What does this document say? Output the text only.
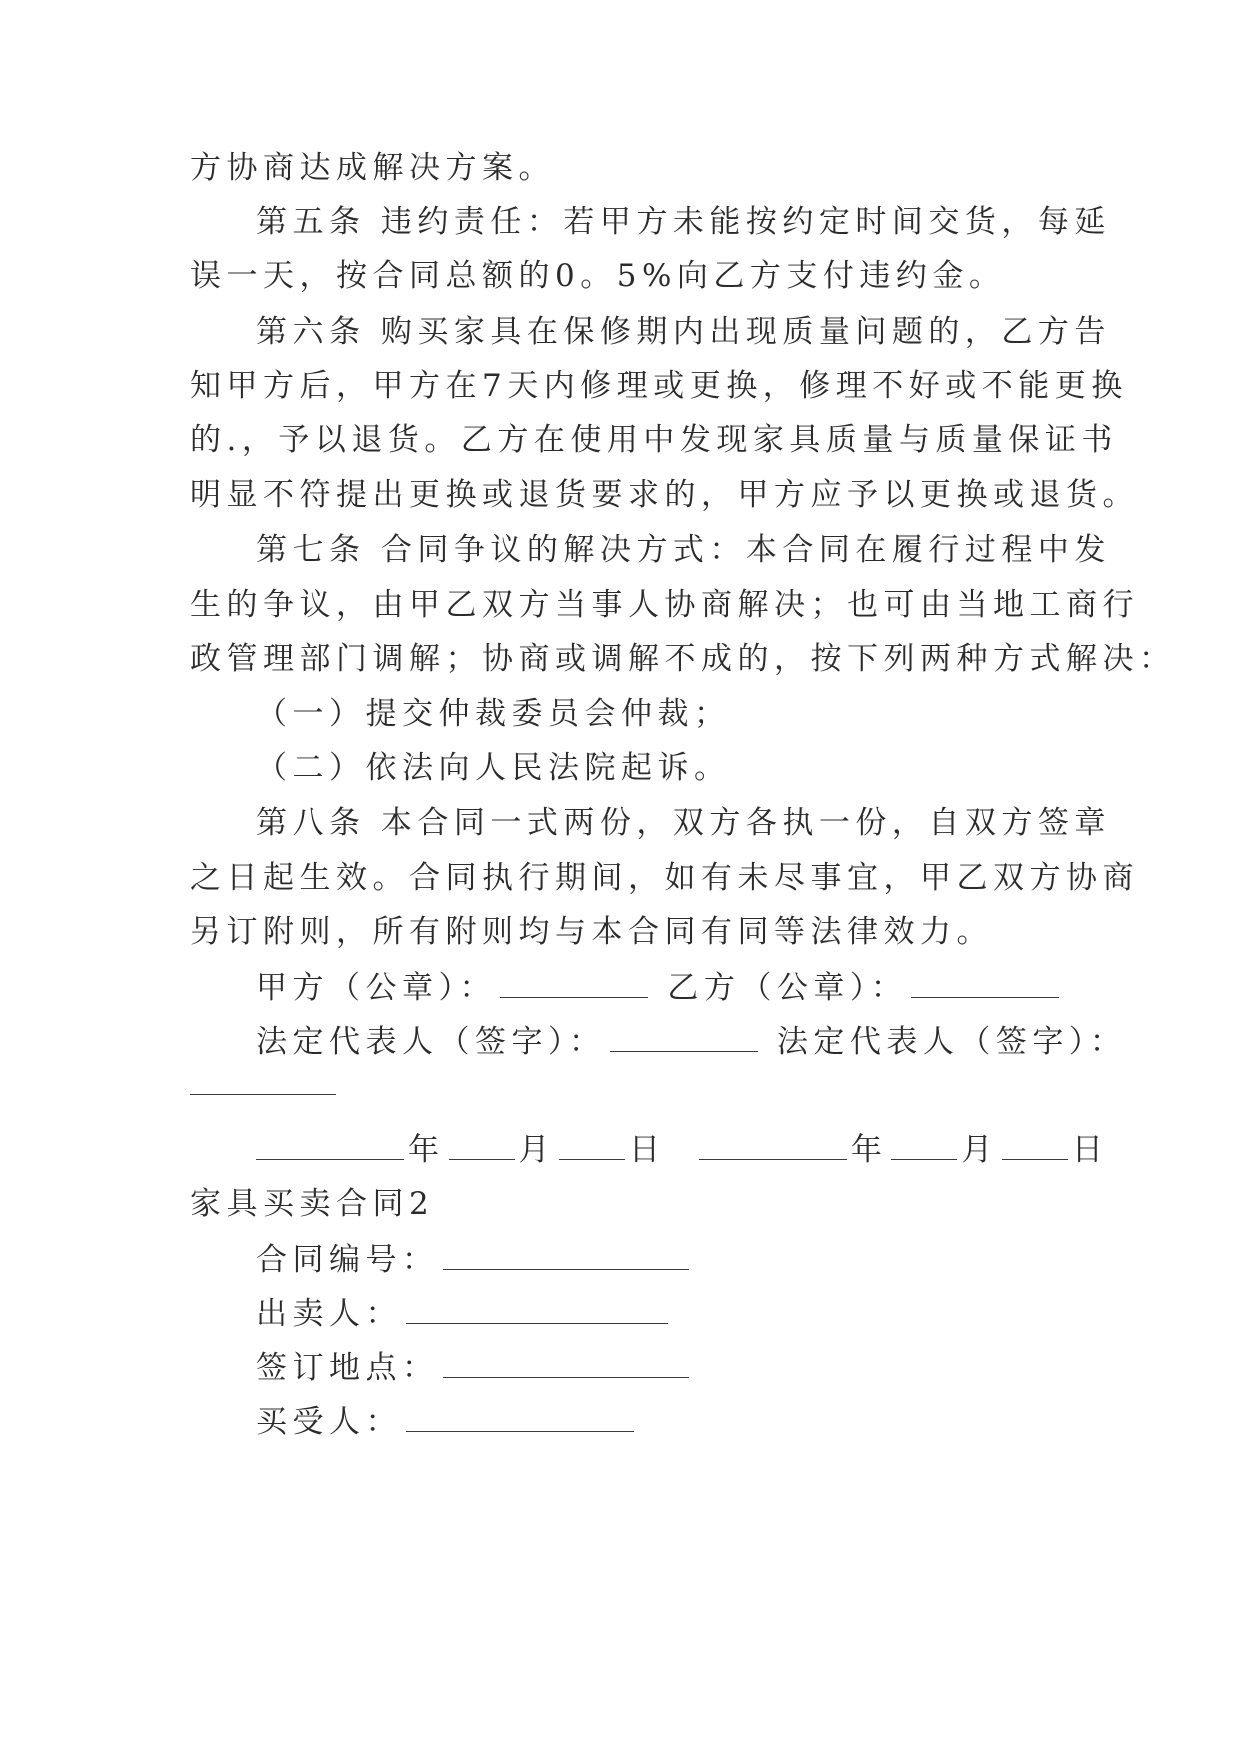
方协商达成解决方案。
第五条 违约责任：若甲方未能按约定时间交货，每延
误一天，按合同总额的0。5%向乙方支付违约金。
第六条 购买家具在保修期内出现质量问题的，乙方告
知甲方后，甲方在7天内修理或更换，修理不好或不能更换
的.，予以退货。乙方在使用中发现家具质量与质量保证书
明显不符提出更换或退货要求的，甲方应予以更换或退货。
第七条 合同争议的解决方式：本合同在履行过程中发
生的争议，由甲乙双方当事人协商解决；也可由当地工商行
政管理部门调解；协商或调解不成的，按下列两种方式解决：
（一）提交仲裁委员会仲裁；
（二）依法向人民法院起诉。
第八条 本合同一式两份，双方各执一份，自双方签章
之日起生效。合同执行期间，如有未尽事宜，甲乙双方协商
另订附则，所有附则均与本合同有同等法律效力。
甲方（公章）：	乙方（公章）：
法定代表人（签字）：	法定代表人（签字）：
年 月 日	年 月 日
家具买卖合同2
合同编号：
出卖人：
签订地点：
买受人：
